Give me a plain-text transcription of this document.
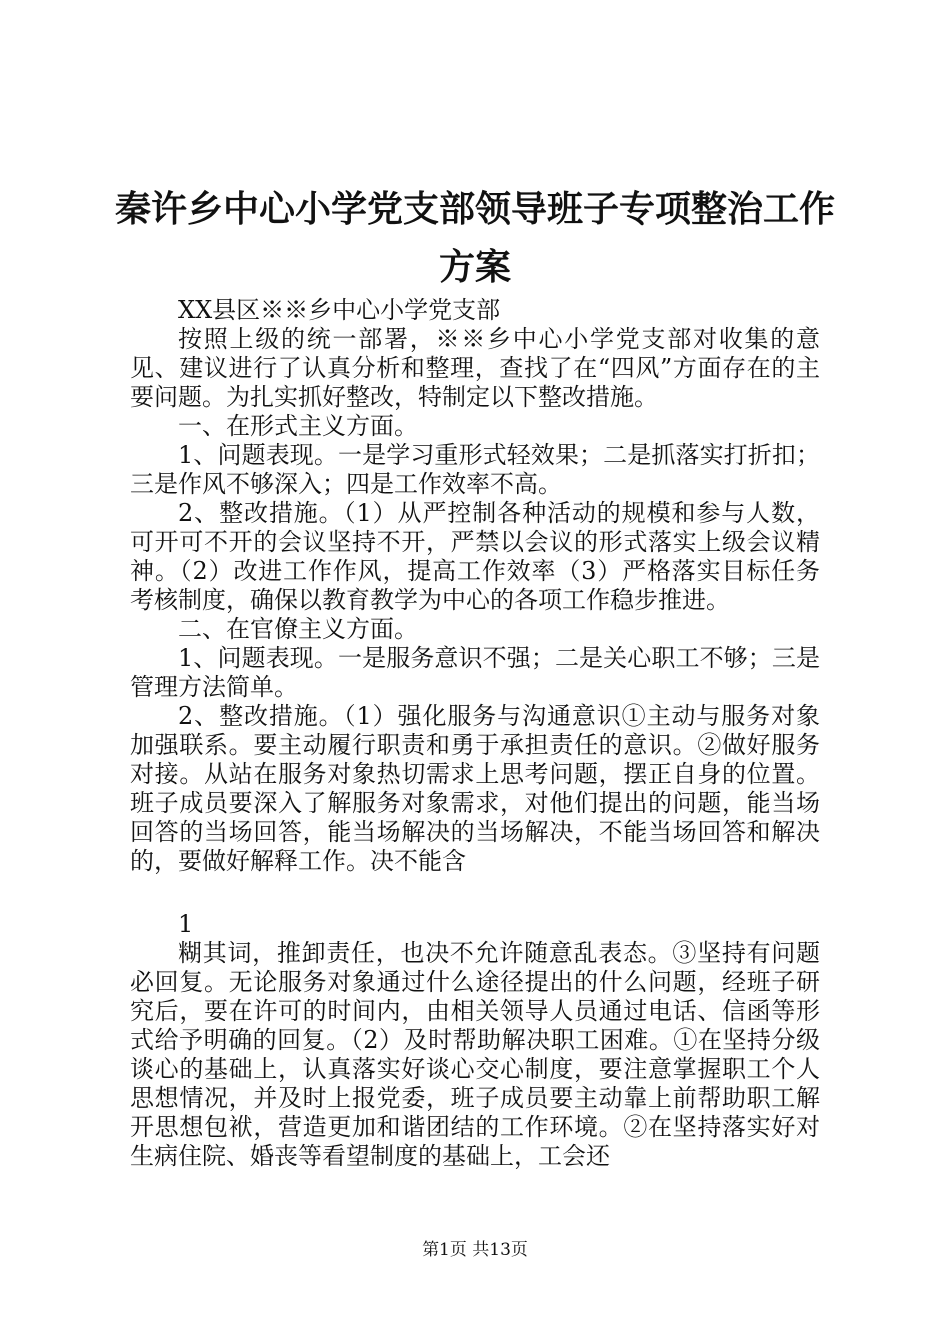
秦许乡中心小学党支部领导班子专项整治工作
方案

XX县区※※乡中心小学党支部

按照上级的统一部署，※※乡中心小学党支部对收集的意见、建议进行了认真分析和整理，查找了在“四风”方面存在的主要问题。为扎实抓好整改，特制定以下整改措施。

一、在形式主义方面。

1、问题表现。一是学习重形式轻效果；二是抓落实打折扣；三是作风不够深入；四是工作效率不高。

2、整改措施。（1）从严控制各种活动的规模和参与人数，可开可不开的会议坚持不开，严禁以会议的形式落实上级会议精神。（2）改进工作作风，提高工作效率（3）严格落实目标任务考核制度，确保以教育教学为中心的各项工作稳步推进。

二、在官僚主义方面。

1、问题表现。一是服务意识不强；二是关心职工不够；三是管理方法简单。

2、整改措施。（1）强化服务与沟通意识①主动与服务对象加强联系。要主动履行职责和勇于承担责任的意识。②做好服务对接。从站在服务对象热切需求上思考问题，摆正自身的位置。班子成员要深入了解服务对象需求，对他们提出的问题，能当场回答的当场回答，能当场解决的当场解决，不能当场回答和解决的，要做好解释工作。决不能含

1

糊其词，推卸责任，也决不允许随意乱表态。③坚持有问题必回复。无论服务对象通过什么途径提出的什么问题，经班子研究后，要在许可的时间内，由相关领导人员通过电话、信函等形式给予明确的回复。（2）及时帮助解决职工困难。①在坚持分级谈心的基础上，认真落实好谈心交心制度，要注意掌握职工个人思想情况，并及时上报党委，班子成员要主动靠上前帮助职工解开思想包袱，营造更加和谐团结的工作环境。②在坚持落实好对生病住院、婚丧等看望制度的基础上，工会还

第1页 共13页
